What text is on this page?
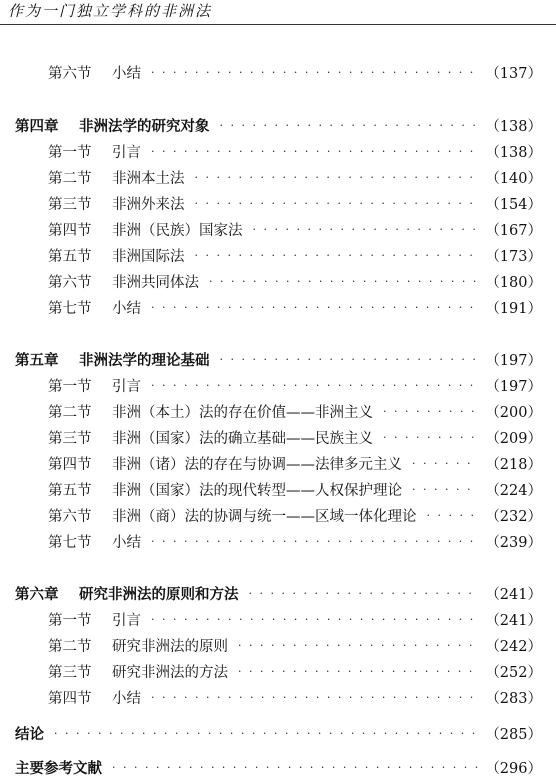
作为一门独立学科的非洲法
第六节	小结 · · ·	（137）
第四章	非洲法学的研究对象 · · ·	（138）
第一节	引言 · · ·	（138）
第二节	非洲本土法 · · ·	（140）
第三节	非洲外来法 · · ·	（154）
第四节	非洲（民族）国家法 · · ·	（167）
第五节	非洲国际法 · · ·	（173）
第六节	非洲共同体法 · · ·	（180）
第七节	小结 · · ·	（191）
第五章	非洲法学的理论基础 · · ·	（197）
第一节	引言 · · ·	（197）
第二节	非洲（本土）法的存在价值——非洲主义 · · ·	（200）
第三节	非洲（国家）法的确立基础——民族主义 · · ·	（209）
第四节	非洲（诸）法的存在与协调——法律多元主义 · · ·	（218）
第五节	非洲（国家）法的现代转型——人权保护理论 · · ·	（224）
第六节	非洲（商）法的协调与统一——区域一体化理论 · · ·	（232）
第七节	小结 · · ·	（239）
第六章	研究非洲法的原则和方法 · · ·	（241）
第一节	引言 · · ·	（241）
第二节	研究非洲法的原则 · · ·	（242）
第三节	研究非洲法的方法 · · ·	（252）
第四节	小结 · · ·	（283）
结论 · · ·	（285）
主要参考文献 · · ·	（296）
